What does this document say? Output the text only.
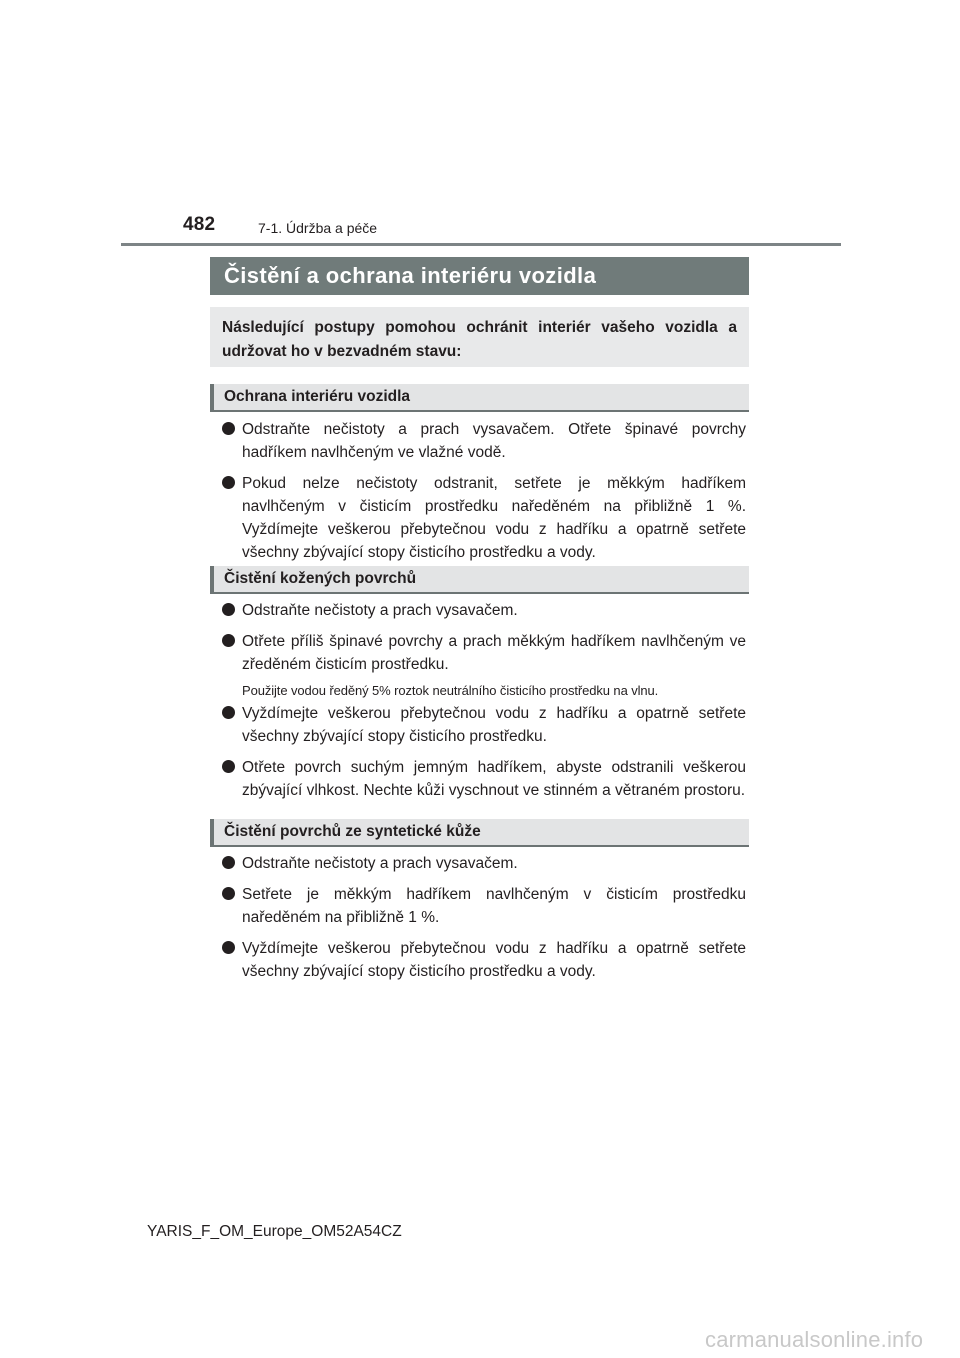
482	7-1. Údržba a péče
Čistění a ochrana interiéru vozidla
Následující postupy pomohou ochránit interiér vašeho vozidla a udržovat ho v bezvadném stavu:
Ochrana interiéru vozidla
Odstraňte nečistoty a prach vysavačem. Otřete špinavé povrchy hadříkem navlhčeným ve vlažné vodě.
Pokud nelze nečistoty odstranit, setřete je měkkým hadříkem navlhčeným v čisticím prostředku naředěném na přibližně 1 %. Vyždímejte veškerou přebytečnou vodu z hadříku a opatrně setřete všechny zbývající stopy čisticího prostředku a vody.
Čistění kožených povrchů
Odstraňte nečistoty a prach vysavačem.
Otřete příliš špinavé povrchy a prach měkkým hadříkem navlhčeným ve zředěném čisticím prostředku.
Použijte vodou ředěný 5% roztok neutrálního čisticího prostředku na vlnu.
Vyždímejte veškerou přebytečnou vodu z hadříku a opatrně setřete všechny zbývající stopy čisticího prostředku.
Otřete povrch suchým jemným hadříkem, abyste odstranili veškerou zbývající vlhkost. Nechte kůži vyschnout ve stinném a větraném prostoru.
Čistění povrchů ze syntetické kůže
Odstraňte nečistoty a prach vysavačem.
Setřete je měkkým hadříkem navlhčeným v čisticím prostředku naředěném na přibližně 1 %.
Vyždímejte veškerou přebytečnou vodu z hadříku a opatrně setřete všechny zbývající stopy čisticího prostředku a vody.
YARIS_F_OM_Europe_OM52A54CZ
carmanualsonline.info
